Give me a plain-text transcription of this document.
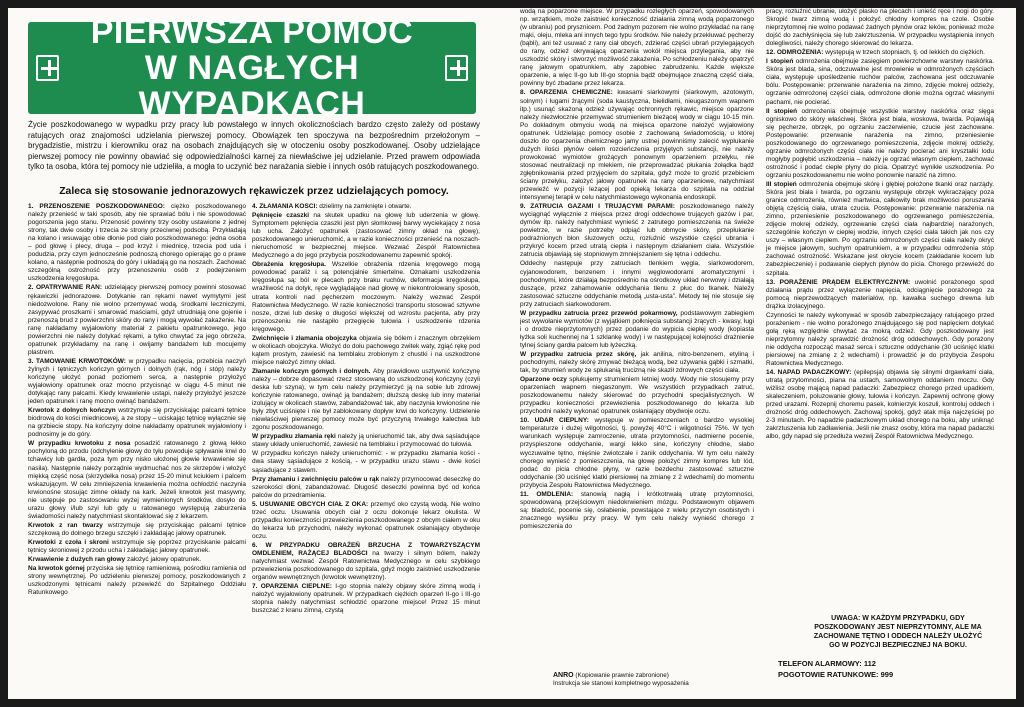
PIERWSZA POMOC
W NAGŁYCH WYPADKACH
Życie poszkodowanego w wypadku przy pracy lub powstałego w innych okolicznościach bardzo często zależy od postawy ratujących oraz znajomości udzielania pierwszej pomocy. Obowiązek ten spoczywa na bezpośrednim przełożonym – brygadzistie, mistrzu i kierowniku oraz na osobach znajdujących się w otoczeniu osoby poszkodowanej. Osoby udzielające pierwszej pomocy nie powinny obawiać się odpowiedzialności karnej za niewłaściwe jej udzielanie. Przed prawem odpowiada tylko ta osoba, która tej pomocy nie udzieliła, a mogła to uczynić bez narażania siebie i innych osób ratujących poszkodowanego.
Zaleca się stosowanie jednorazowych rękawiczek przez udzielających pomocy.

1. PRZENOSZENIE POSZKODOWANEGO: ciężko poszkodowanego należy przenieść w taki sposób, aby nie sprawiać bólu i nie spowodować pogorszenia jego stanu. Przenosić powinny trzy osoby ustawione z jednej strony, tak dwie osoby i trzecia ze strony przeciwnej podsobą. Przykładają na kolano i wsuwając obie dłonie pod ciało poszkodowanego: jedna osoba – pod głowę i plecy, druga – pod krzyż i miednicę, trzecia pod uda i podudzia, przy czym jednocześnie podnoszą chorego opierając go o prawe kolano, a następnie podnoszą do góry i układają go na noszach. Zachować szczególną ostrożność przy przenoszeniu osób z podejrzeniem uszkodzenia kręgosłupa.

2. OPATRYWANIE RAN: udzielający pierwszej pomocy powinni stosować rękawiczki jednorazowe. Dotykanie ran rękami nawet wymytymi jest niedozwolone. Rany nie wolno przemywać wodą, środkami leczniczymi, zasypywać proszkami i smarować maściami, gdyż utrudniają one gojenie i przenoszą brud z powierzchni skóry do rany i mogą wywołać zakażenie. Na ranę nakładamy wyjałowiony materiał z pakietu opatrunkowego, jego powierzchni nie należy dotykać rękami, a tylko chwytać za jego obrzeża, opatrunek przykładamy na ranę i owijamy bandażem lub mocujemy plastrem.

3. TAMOWANIE KRWOTOKÓW: w przypadku nacięcia, przebicia naczyń żylnych i tętniczych kończyn górnych i dolnych (rąk, nóg i stóp) należy kończynę ułożyć ponad poziomem serca, a następnie przyłożyć wyjałowiony opatrunek oraz mocno przycisnąć w ciągu 4-5 minut nie dotykając rany palcami. Kiedy krwawienie ustąpi, należy przyłożyć jeszcze jeden opatrunek i ranę mocno owinąć bandażem.

Krwotok z dolnych kończyn wstrzymuje się przyciskając palcami tętnice biodrową do kości miednicowej, a ze stopy – uciskając tętnicę wyłącznie się na grzbiecie stopy. Na kończyny dolne nakładamy opatrunek wyjałowiony i podnosimy je do góry.

W przypadku krwotoku z nosa posadzić ratowanego z głową lekko pochyloną do przodu (odchylenie głowy do tyłu powoduje spływanie krwi do tchawicy lub gardła, poza tym przy nisko ułożonej głowie krwawienie się nasila). Następnie należy porządnie wydmuchać nos ze skrzepów i włożyć miękką część nosa (skrzydełka nosa) przez 15-20 minut kciukiem i palcem wskazującym. W celu zmniejszenia krwawienia można ochłodzić naczynia krwionośne stosując zimne okłady na kark. Jeżeli krwotok jest masywny, nie ustępuje po zastosowaniu wyżej wymienionych środków, dosyło do urazu głowy i/lub szyi lub gdy u ratowanego występują zaburzenia świadomości należy natychmiast skontaktować się z lekarzem.

Krwotok z ran twarzy wstrzymuje się przyciskając palcami tętnice szczękową do dolnego brzegu szczęki i zakładając jałowy opatrunek.

Krwotoki z czoła i skroni wstrzymuje się poprzez przyciskanie palcami tętnicy skroniowej z przodu ucha i zakładając jałowy opatrunek.

Krwawienie z dużych ran głowy założyć jałowy opatrunek.

Na krwotok górnej przyciska się tętnicę ramieniową, pośrodku ramienia od strony wewnętrznej. Po udzieleniu pierwszej pomocy, poszkodowanych z uszkodzonymi tętnicami należy przewieźć do Szpitalnego Oddziału Ratunkowego

4. ZŁAMANIA KOŚCI: dzielimy na zamknięte i otwarte.

Pęknięcie czaszki na skutek upadku na głowę lub uderzenia w głowę. Symptomem pęknięcia czaszki jest płyn słomkowej barwy wyciekający z nosa lub ucha. Założyć opatrunek (zastosować zimny okład na głowę), poszkodowanego unieruchomić, a w razie konieczności przenieść na noszach-nieruchomość w bezpiecznej miejsce. Wezwać Zespół Ratownictwa Medycznego a do jego przybycia poszkodowanemu zapewnić spokój.

Obrażenia kręgosłupa. Wszelkie obrażenia rdzenia kręgowego mogą powodować paraliż i są potencjalnie śmiertelne. Oznakami uszkodzenia kręgosłupa są: ból w plecach przy braku ruchów, deformacja kręgosłupa, wrażliwość na dotyk, ręce wyglądające nad głowę w niekontrolowany sposób, utrata kontroli nad pęcherzem moczowym. Należy wezwać Zespół Ratownictwa Medycznego. W razie konieczności transportu stosować sztywne nosze, drzwi lub deskę o długości większej od wzrostu pacjenta, aby przy przenoszeniu nie nastąpiło przegięcie tułowia i uszkodzenie rdzenia kręgowego.

Zwichnięcie i złamania obojczyka objawia się bólem i znacznym obrzękiem w okolicach obojczyka. Włożyć do dołu pachowego zwitek waty, zgiąć rękę pod kątem prostym, zawiesić na temblaku zrobionym z chustki i na uszkodzone miejsce nałożyć zimny okład.

Złamanie kończyn górnych i dolnych. Aby prawidłowo usztywnić kończynę należy – dobrze dopasować rzecz stosowaną do uszkodzonej kończyny (czyli deska lub szyna), w tym celu należy przymierzyć ją na sobie lub zdrowej kończynie ratowanego, owinąć ją bandażem; dłuższą deskę lub inny materiał izolujący w okolicach stawów, zabandażować tak, aby naczynia krwionośne nie były zbyt uciśnięte i nie był zablokowany dopływ krwi do kończyny. Udzielenie niewłaściwej pierwszej pomocy może być przyczyną trwałego kalectwa lub zgonu poszkodowanego.

W przypadku złamania ręki należy ją unieruchomić tak, aby dwa sąsiadujące stawy układy unieruchomić, zawiesić na temblaku i przymocować do tułowia.

W przypadku kończyn należy unieruchomić: - w przypadku złamania kości - dwa stawy sąsiadujące z kością, - w przypadku urazu stawu - dwie kości sąsiadujące z stawem.

Przy złamaniu i zwichnięciu palców u rąk należy przymocować deseczkę do szerokości dłoni, zabandażować. Długość deseczki powinna być od końca palców do przedramienia.

5. USUWANIE OBCYCH CIAŁ Z OKA: przemyć oko czystą wodą. Nie wolno trzeć oczu. Usuwania obcych ciał z oczu dokonuje lekarz okulista. W przypadku konieczności przewiezienia poszkodowanego z obcym ciałem w oku do lekarza lub przychodni, należy wykonać opatrunek osłaniający obydwoje oczu.

6. W PRZYPADKU OBRAŻEŃ BRZUCHA Z TOWARZYSZĄCYM OMDLENIEM, RAŻĄCEJ BLADOŚCI na twarzy i silnym bólem, należy natychmiast wezwać Zespół Ratownictwa Medycznego w celu szybkiego przewiezienia poszkodowanego do szpitala, gdyż mogło zaistnieć uszkodzenie organów wewnętrznych (krwotok wewnętrzny).

7. OPARZENIA CIEPLNE: I-go stopnia należy objawy skóre zimną wodą i nałożyć wyjałowiony opatrunek. W przypadkach ciężkich oparzeń II-go i III-go stopnia należy natychmiast schłodzić oparzone miejsce! Przez 15 minut buszczać z kranu zimną, czystą

wodą na poparzone miejsce. W przypadku rozległych oparzeń, spowodowanych np. wrzątkiem, może zaistnieć konieczność działania zimną wodą poparzonego (w ubraniu) pod prysznicem. Pod żadnym pozorem nie wolno przykładać na ranę mąki, oleju, mleka ani innych tego typu środków. Nie należy przekłuwać pęcherzy (bąbli), ani też usuwać z rany ciał obcych, zdzierać części ubrań przylegających do rany, odzież okrywającą oparzenia wokół miejsca przylegania, aby nie uszkodzić skóry i stworzyć możliwość zakażenia. Po schłodzeniu należy opatrzyć ranę jałowym opatrunkiem, aby zapobiec zabrudzeniu. Każde większe oparzenie, a więc II-go lub III-go stopnia bądź obejmujące znaczną część ciała, powinny być zbadane przez lekarza.

8. OPARZENIA CHEMICZNE: kwasami siarkowymi (siarkowym, azotowym, solnym) i ługami żrącymi (soda kaustyczna, bielidłami, nieugaszonym wapnem itp.) usunąć skażoną odzież używając ochronnych rękawic, miejsce oparzone należy niezwłocznie przemywać strumieniem bieżącej wody w ciągu 10-15 min. Po dokładnym obmyciu wodą na miejsca oparzone nałożyć wyjałowiony opatrunek. Udzielając pomocy osobie z zachowaną świadomością, u której doszło do oparzenia chemicznego jamy ustnej powinniśmy zalecić wypłukanie dużych ilości płynów celem rozcieńczenia przyjętych substancji, nie należy prowokować wymiotów grożących ponownym oparzeniem przełyku, nie stosować neutralizacji np mlekiem, nie przeprowadzać płukania żołądka bądź zgłębnikowania przed przyjęciem do szpitala, gdyż może to grozić przebiciem ściany przełyku, założyć jałowy opatrunek na rany oparzeniowe, natychmiast przewieźć w pozycji leżącej pod opieką lekarza do szpitala na oddział intensywnej terapii w celu natychmiastowego wykonania endoskopii.

9. ZATRUCIA GAZAMI I TRUJĄCYMI PARAMI: poszkodowanego należy wyciągnąć wyłącznie z miejsca przez drogi oddechowe trujących gazów i par, dymów itp. należy natychmiast wynieść z zatrutego pomieszczenia na świeże powietrze, w razie potrzeby odpiąć lub obmycie skóry, przepłukanie podrażnionych błon śluzowych oczu, rozluźnić wszystkie części ubrania i przykryć kocem przed utratą ciepła i następnym działaniem ciała. Wszystkie zatrucia objawiają się stopniowym zmniejszaniem się tętna i oddechu.

Oddechy następuje przy zatruciach tlenkiem węgla, siarkowodorem, cyjanowodorem, benzenem i innymi węglowodorami aromatycznymi i pochodnymi, które działają bezpośrednio na ośrodkowy układ nerwowy i działają duszące, przez zahamowanie oddychania tlenu z płuc do tkanek. Należy zastosować sztuczne oddychanie metodą „usta-usta”. Metody tej nie stosuje się przy zatruciach siarkowodorem.

W przypadku zatrucia przez przewód pokarmowy, podstawowym zabiegiem jest wywołanie wymiotów (z wyjątkiem połknięcia substancji żrących - kwasy, ługi i o drodze nieprzytomnych) przez podanie do wypicia ciepłej wody (kopiasta łyżka soli kuchennej na 1 szklankę wody) i w następującej kolejności drażnienie tylnej ściany gardła palcem lub łyżeczką.

W przypadku zatrucia przez skórę, jak anilina, nitro-benzenem, etyliną i pochodnymi, należy skórę zmywać bieżącą wodą, bez używania gąbki i szmatki, tak, by strumień wody ze spłukanią trucizną nie skaził zdrowych części ciała.

Oparzone oczy spłukujemy strumieniem letniej wody. Wody nie stosujemy przy oparzeniach wapnem niegaszonym. We wszystkich przypadkach zatruć, poszkodowanemu należy skierować do przychodni specjalistycznych. W przypadku konieczności przewiezienia poszkodowanego do lekarza lub przychodni należy wykonać opatrunek osłaniający obydwoje oczu.

10. UDAR CIEPLNY: występuje w pomieszczeniach o bardzo wysokiej temperaturze i dużej wilgotności, tj. powyżej 40°C i wilgotności 75%. W tych warunkach występuje zamroczenie, utrata przytomności, nadmierne pocenie, przyspieszone oddychanie, wargi lekko sine, kończyny chłodne, słabo wyczuwalne tętno, mięśnie zwiotczałe i zanik oddychania. W tym celu należy chorego wynieść z pomieszczenia, na głowę położyć zimny kompres lub lód, podać do picia chłodne płyny, w razie bezdechu zastosować sztuczne oddychanie (30 uciśnięć klatki piersiowej na zmianę z 2 wdechami) do momentu przybycia Zespołu Ratownictwa Medycznego.

11. OMDLENIA: stanowią nagłą i krótkotrwałą utratę przytomności, spowodowaną przejściowym niedokrwieniem mózgu. Podstawowym objawem są: bladość, pocenie się, osłabienie, powstające z wielu przyczyn osobistych i znacznego wysiłku przy pracy. W tym celu należy wynieść chorego z pomieszczenia do

pracy, rozluźnić ubranie, ułożyć płasko na plecach i unieść ręce i nogi do góry. Skropić twarz zimną wodą i położyć chłodny kompres na czole. Osobie nieprzytomnej nie wolno podawać żadnych płynów oraz leków, ponieważ może dojść do zachłyśnięcia się lub zakrztuszenia. W przypadku wystąpienia innych dolegliwości, należy chorego skierować do lekarza.

12. ODMROŻENIA: występują w trzech stopniach, tj. od lekkich do ciężkich.

I stopień odmrożenia obejmuje zasięgiem powierzchowne warstwy naskórka. Skóra jest blada, sina, odczuwalne jest mrowienie w odmrożonych częściach ciała, występuje upośledzenie ruchów palców, zachowana jest odczuwanie bólu. Postępowanie: przerwanie narażenia na zimno, zdjęcie mokrej odzieży, ogrzanie odmrożonej części ciała, odmrożone dłonie można ogrzać własnymi pachami, nie pocierać.

II stopień odmrożenia obejmuje wszystkie warstwy naskórka oraz sięga ogniskowo do skóry właściwej. Skóra jest biała, woskowa, twarda. Pojawiają się pęcherze, obrzęk, po ogrzaniu zaczerwienie, czucie jest zachowane. Postępowanie: przerwanie narażenia na zimno, przeniesienie poszkodowanego do ogrzewanego pomieszczenia, zdjęcie mokrej odzieży, ogrzanie odmrożonych części ciała nie należy pocierać ani kryształki lodu mogłyby pogłębić uszkodzenia – należy je ogrzać własnym ciepłem, zachować ostrożność i podać ciepłe płyny do picia. Opatrzyć wynikłe uszkodzenia. Po ogrzaniu poszkodowanemu nie wolno ponownie narazić na zimno.

III stopień odmrożenia obejmuje skórę i głębiej położone tkanki oraz narządy. Skóra jest biała i twarda, po ogrzaniu występuje obrzęk wykraczający poza granice odmrożenia, również martwica, całkowity brak możliwości poruszania objętą częścią ciała, utrata czucia. Postępowanie: przerwanie narażenia na zimno, przeniesienie poszkodowanego do ogrzewanego pomieszczenia, zdjęcie mokrej odzieży, ogrzewanie części ciała najbardziej narażonych, szczególnie kończyn w ciepłej wodzie, innych części ciała takich jak nos czy uszy – własnym ciepłem. Po ogrzaniu odmrożonych części ciała należy okryć je miejsce jałowym, suchym opatrunkiem, a w przypadku odmrożenia stóp zachować ostrożność. Wskazane jest okrycie kocem (zakładanie kocem lub zabezpieczenie) i podawanie ciepłych płynów do picia. Chorego przewieźć do szpitala.

13. PORAŻENIE PRĄDEM ELEKTRYCZNYM: uwolnić porażonego spod działania prądu przez wyłączenie napięcia, odciągnięcie porażonego za pomocą nieprzewodzących materiałów, np. kawałka suchego drewna lub drążka izolacyjnego.

Czynności te należy wykonywać w sposób zabezpieczający ratującego przed porażeniem - nie wolno porażonego znajdującego się pod napięciem dotykać gołą ręką względnie chwytać za mokrą odzież. Gdy poszkodowany jest nieprzytomny należy sprawdzić drożność dróg oddechowych. Gdy porażony nie oddycha rozpocząć masaż serca i sztuczne oddychanie (30 uciśnięć klatki piersiowej na zmianę z 2 wdechami) i prowadzić je do przybycia Zespołu Ratownictwa Medycznego.

14. NAPAD PADACZKOWY: (epilepsja) objawia się silnymi drgawkami ciała, utratą przytomności, piana na ustach, samowolnym oddaniem moczu. Gdy wiżlisz osobę mającą napad padaczki: Zabezpiecz chorego przed upadkiem, skaleczeniem, poluzowanie głowy, tułowia i kończyn. Zapewnij ochronę głowy przed urazami. Rozepnij choremu pasek, kołnierzyk koszuli, kontroluj oddech i drożność dróg oddechowych. Zachowaj spokój, gdyż atak mija najczęściej po 2-3 minutach. Po napadzie padaczkowym układ chorego na boku, aby uniknąć zakrztuszenia lub zadławienia. Jeśli nie znasz osoby, która ma napad padaczki albo, gdy napad się przedłuża wezwij Zespół Ratownictwa Medycznego.

UWAGA: W KAŻDYM PRZYPADKU, GDY POSZKODOWANY JEST NIEPRZYTOMNY, ALE MA ZACHOWANE TĘTNO I ODDECH NALEŻY UŁOŻYĆ GO W POZYCJI BEZPIECZNEJ NA BOKU.
TELEFON ALARMOWY: 112
POGOTOWIE RATUNKOWE: 999
ANRO (Kopiowanie prawnie zabronione)
Instrukcja sie stanowi kompletnego wyposażenia
